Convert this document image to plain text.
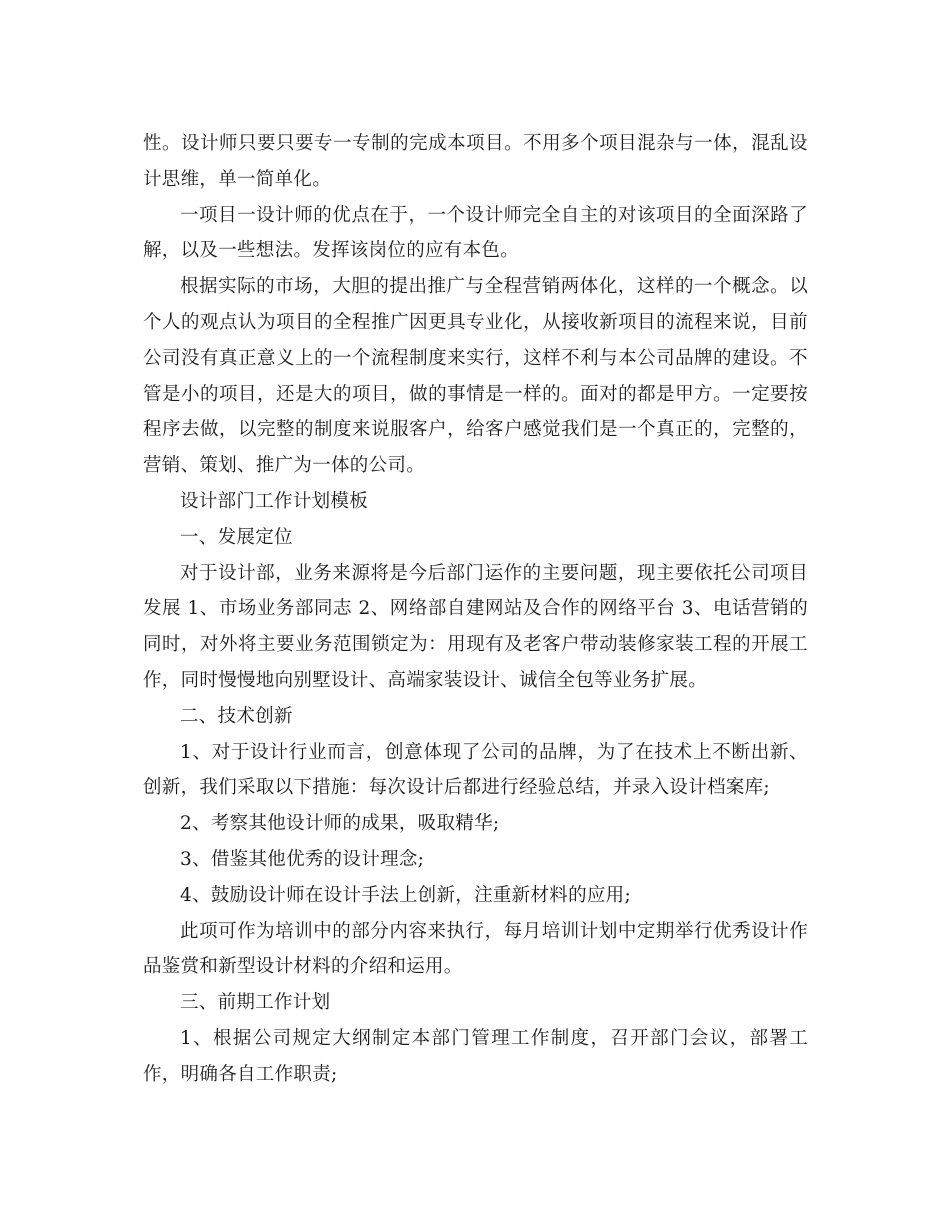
性。设计师只要只要专一专制的完成本项目。不用多个项目混杂与一体，混乱设计思维，单一简单化。

一项目一设计师的优点在于，一个设计师完全自主的对该项目的全面深路了解，以及一些想法。发挥该岗位的应有本色。

根据实际的市场，大胆的提出推广与全程营销两体化，这样的一个概念。以个人的观点认为项目的全程推广因更具专业化，从接收新项目的流程来说，目前公司没有真正意义上的一个流程制度来实行，这样不利与本公司品牌的建设。不管是小的项目，还是大的项目，做的事情是一样的。面对的都是甲方。一定要按程序去做，以完整的制度来说服客户，给客户感觉我们是一个真正的，完整的，营销、策划、推广为一体的公司。

设计部门工作计划模板

一、发展定位

对于设计部，业务来源将是今后部门运作的主要问题，现主要依托公司项目发展 1、市场业务部同志 2、网络部自建网站及合作的网络平台 3、电话营销的同时，对外将主要业务范围锁定为：用现有及老客户带动装修家装工程的开展工作，同时慢慢地向别墅设计、高端家装设计、诚信全包等业务扩展。

二、技术创新

1、对于设计行业而言，创意体现了公司的品牌，为了在技术上不断出新、创新，我们采取以下措施：每次设计后都进行经验总结，并录入设计档案库;

2、考察其他设计师的成果，吸取精华;

3、借鉴其他优秀的设计理念;

4、鼓励设计师在设计手法上创新，注重新材料的应用;

此项可作为培训中的部分内容来执行，每月培训计划中定期举行优秀设计作品鉴赏和新型设计材料的介绍和运用。

三、前期工作计划

1、根据公司规定大纲制定本部门管理工作制度，召开部门会议，部署工作，明确各自工作职责;
